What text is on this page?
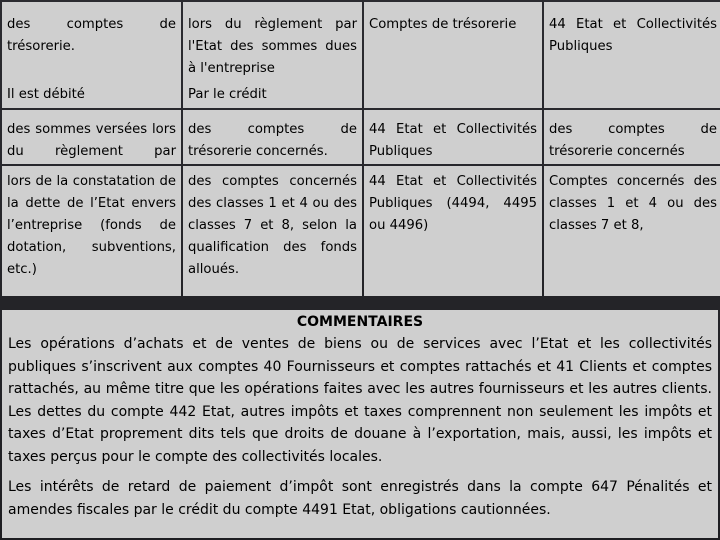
des comptes de trésorerie.
Il est débité
lors du règlement par l'Etat des sommes dues à l'entreprise
Par le crédit
Comptes de trésorerie	44 Etat et Collectivités Publiques
des sommes versées lors du règlement par
des comptes de trésorerie concernés.
44 Etat et Collectivités Publiques
des comptes de trésorerie concernés
lors de la constatation de la dette de l’Etat envers l’entreprise (fonds de dotation, subventions, etc.)
des comptes concernés des classes 1 et 4 ou des classes 7 et 8, selon la qualification des fonds alloués.
44 Etat et Collectivités Publiques (4494, 4495 ou 4496)
Comptes concernés des classes 1 et 4 ou des classes 7 et 8,
COMMENTAIRES

Les opérations d’achats et de ventes de biens ou de services avec l’Etat et les collectivités publiques s’inscrivent aux comptes 40 Fournisseurs et comptes rattachés et 41 Clients et comptes rattachés, au même titre que les opérations faites avec les autres fournisseurs et les autres clients. Les dettes du compte 442 Etat, autres impôts et taxes comprennent non seulement les impôts et taxes d’Etat proprement dits tels que droits de douane à l’exportation, mais, aussi, les impôts et taxes perçus pour le compte des collectivités locales.

Les intérêts de retard de paiement d’impôt sont enregistrés dans la compte 647 Pénalités et amendes fiscales par le crédit du compte 4491 Etat, obligations cautionnées.
